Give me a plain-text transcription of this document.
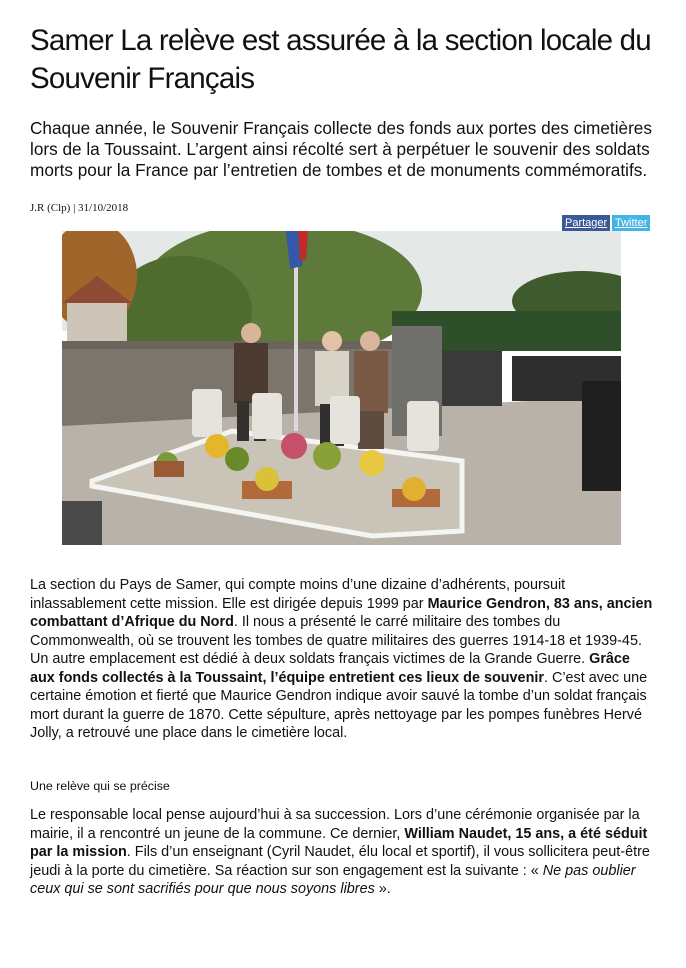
Samer La relève est assurée à la section locale du Souvenir Français

Chaque année, le Souvenir Français collecte des fonds aux portes des cimetières lors de la Toussaint. L’argent ainsi récolté sert à perpétuer le souvenir des soldats morts pour la France par l’entretien de tombes et de monuments commémoratifs.

J.R (Clp) | 31/10/2018
Partager Twitter

La section du Pays de Samer, qui compte moins d’une dizaine d’adhérents, poursuit inlassablement cette mission. Elle est dirigée depuis 1999 par Maurice Gendron, 83 ans, ancien combattant d’Afrique du Nord. Il nous a présenté le carré militaire des tombes du Commonwealth, où se trouvent les tombes de quatre militaires des guerres 1914-18 et 1939-45. Un autre emplacement est dédié à deux soldats français victimes de la Grande Guerre. Grâce aux fonds collectés à la Toussaint, l’équipe entretient ces lieux de souvenir. C’est avec une certaine émotion et fierté que Maurice Gendron indique avoir sauvé la tombe d’un soldat français mort durant la guerre de 1870. Cette sépulture, après nettoyage par les pompes funèbres Hervé Jolly, a retrouvé une place dans le cimetière local.

Une relève qui se précise

Le responsable local pense aujourd’hui à sa succession. Lors d’une cérémonie organisée par la mairie, il a rencontré un jeune de la commune. Ce dernier, William Naudet, 15 ans, a été séduit par la mission. Fils d’un enseignant (Cyril Naudet, élu local et sportif), il vous sollicitera peut-être jeudi à la porte du cimetière. Sa réaction sur son engagement est la suivante : « Ne pas oublier ceux qui se sont sacrifiés pour que nous soyons libres ».
